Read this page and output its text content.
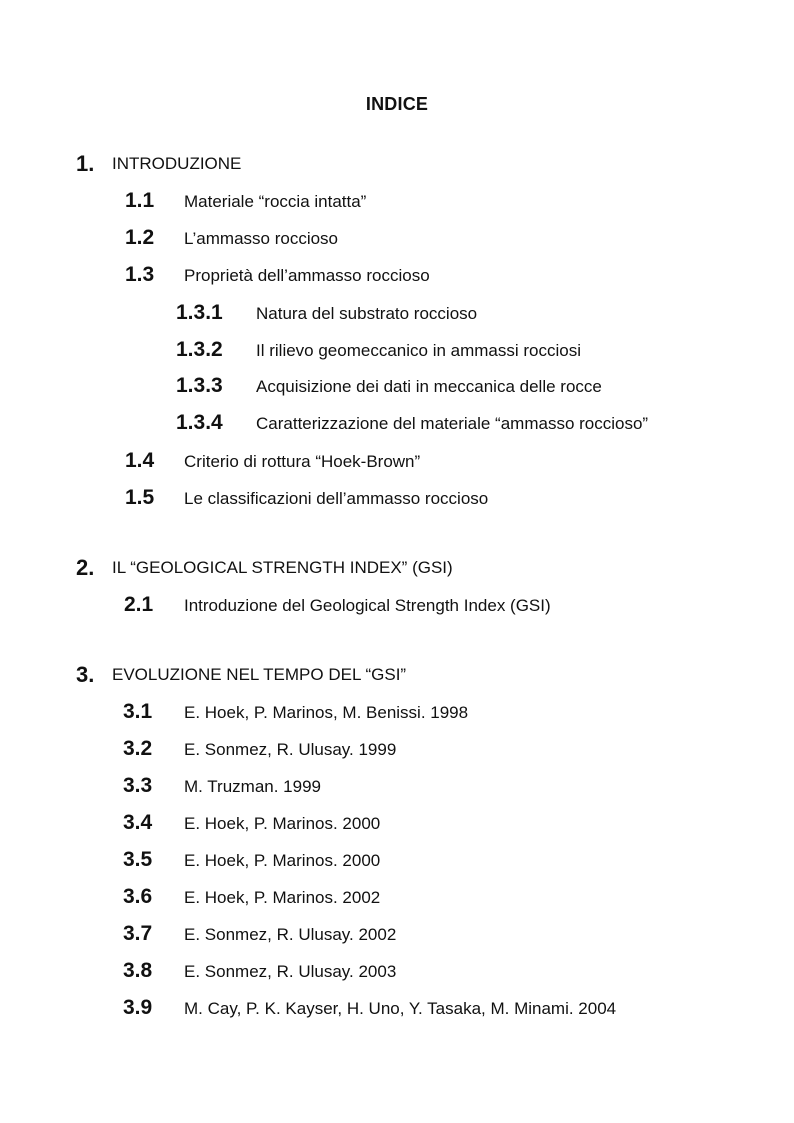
INDICE
1. INTRODUZIONE
1.1 Materiale “roccia intatta”
1.2 L’ammasso roccioso
1.3 Proprietà dell’ammasso roccioso
1.3.1 Natura del substrato roccioso
1.3.2 Il rilievo geomeccanico in ammassi rocciosi
1.3.3 Acquisizione dei dati in meccanica delle rocce
1.3.4 Caratterizzazione del materiale “ammasso roccioso”
1.4 Criterio di rottura “Hoek-Brown”
1.5 Le classificazioni dell’ammasso roccioso
2. IL “GEOLOGICAL STRENGTH INDEX” (GSI)
2.1 Introduzione del Geological Strength Index (GSI)
3. EVOLUZIONE NEL TEMPO DEL “GSI”
3.1 E. Hoek, P. Marinos, M. Benissi. 1998
3.2 E. Sonmez, R. Ulusay. 1999
3.3 M. Truzman. 1999
3.4 E. Hoek, P. Marinos. 2000
3.5 E. Hoek, P. Marinos. 2000
3.6 E. Hoek, P. Marinos. 2002
3.7 E. Sonmez, R. Ulusay. 2002
3.8 E. Sonmez, R. Ulusay. 2003
3.9 M. Cay, P. K. Kayser, H. Uno, Y. Tasaka, M. Minami. 2004
